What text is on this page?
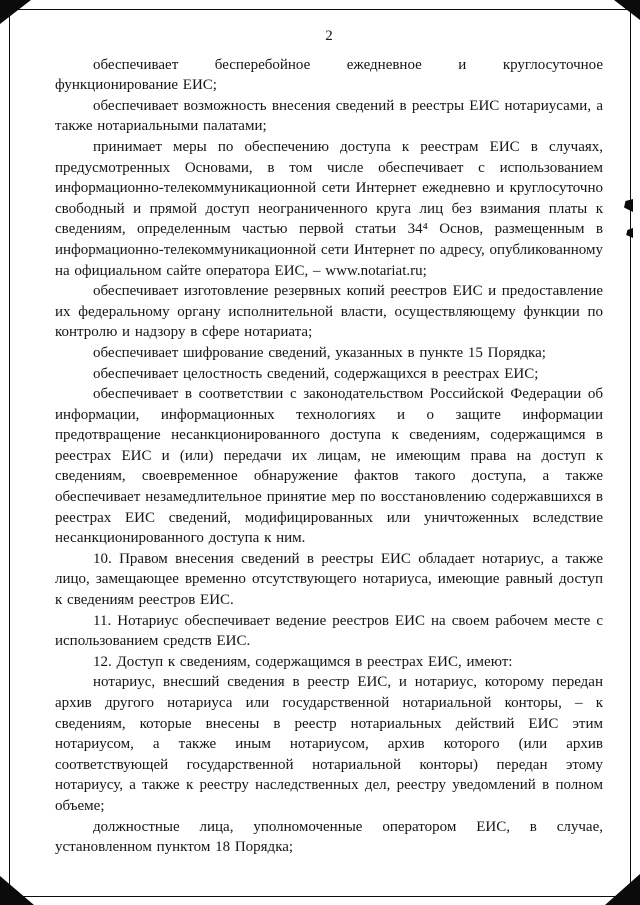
2

обеспечивает бесперебойное ежедневное и круглосуточное функционирование ЕИС;

обеспечивает возможность внесения сведений в реестры ЕИС нотариусами, а также нотариальными палатами;

принимает меры по обеспечению доступа к реестрам ЕИС в случаях, предусмотренных Основами, в том числе обеспечивает с использованием информационно-телекоммуникационной сети Интернет ежедневно и круглосуточно свободный и прямой доступ неограниченного круга лиц без взимания платы к сведениям, определенным частью первой статьи 34⁴ Основ, размещенным в информационно-телекоммуникационной сети Интернет по адресу, опубликованному на официальном сайте оператора ЕИС, – www.notariat.ru;

обеспечивает изготовление резервных копий реестров ЕИС и предоставление их федеральному органу исполнительной власти, осуществляющему функции по контролю и надзору в сфере нотариата;

обеспечивает шифрование сведений, указанных в пункте 15 Порядка;

обеспечивает целостность сведений, содержащихся в реестрах ЕИС;

обеспечивает в соответствии с законодательством Российской Федерации об информации, информационных технологиях и о защите информации предотвращение несанкционированного доступа к сведениям, содержащимся в реестрах ЕИС и (или) передачи их лицам, не имеющим права на доступ к сведениям, своевременное обнаружение фактов такого доступа, а также обеспечивает незамедлительное принятие мер по восстановлению содержавшихся в реестрах ЕИС сведений, модифицированных или уничтоженных вследствие несанкционированного доступа к ним.

10. Правом внесения сведений в реестры ЕИС обладает нотариус, а также лицо, замещающее временно отсутствующего нотариуса, имеющие равный доступ к сведениям реестров ЕИС.

11. Нотариус обеспечивает ведение реестров ЕИС на своем рабочем месте с использованием средств ЕИС.

12. Доступ к сведениям, содержащимся в реестрах ЕИС, имеют:

нотариус, внесший сведения в реестр ЕИС, и нотариус, которому передан архив другого нотариуса или государственной нотариальной конторы, – к сведениям, которые внесены в реестр нотариальных действий ЕИС этим нотариусом, а также иным нотариусом, архив которого (или архив соответствующей государственной нотариальной конторы) передан этому нотариусу, а также к реестру наследственных дел, реестру уведомлений в полном объеме;

должностные лица, уполномоченные оператором ЕИС, в случае, установленном пунктом 18 Порядка;
